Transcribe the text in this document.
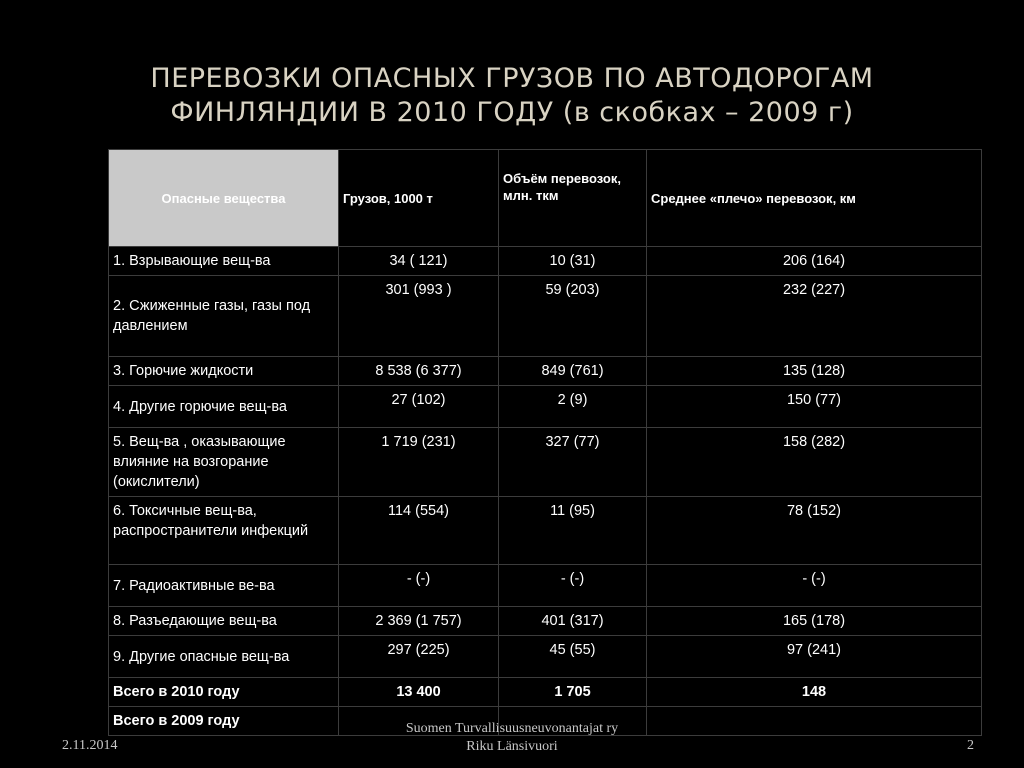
ПЕРЕВОЗКИ ОПАСНЫХ ГРУЗОВ ПО АВТОДОРОГАМ
ФИНЛЯНДИИ В 2010 ГОДУ (в скобках – 2009 г)
Опасные вещества	Грузов, 1000 т	Объём перевозок, млн. ткм	Среднее «плечо» перевозок, км
1. Взрывающие вещ-ва	34 ( 121)	10 (31)	206 (164)
2. Сжиженные газы, газы под давлением	301 (993 )	59 (203)	232 (227)
3. Горючие жидкости	8 538 (6 377)	849 (761)	135 (128)
4. Другие горючие вещ-ва	27 (102)	2 (9)	150 (77)
5. Вещ-ва , оказывающие влияние на возгорание (окислители)	1 719 (231)	327 (77)	158 (282)
6. Токсичные вещ-ва, распространители инфекций	114 (554)	11 (95)	78 (152)
7. Радиоактивные ве-ва	- (-)	- (-)	- (-)
8. Разъедающие вещ-ва	2 369 (1 757)	401 (317)	165 (178)
9. Другие опасные вещ-ва	297 (225)	45 (55)	97 (241)
Всего в 2010 году	13 400	1 705	148
Всего в 2009 году			
2.11.2014
Suomen Turvallisuusneuvonantajat ry
Riku Länsivuori	2
